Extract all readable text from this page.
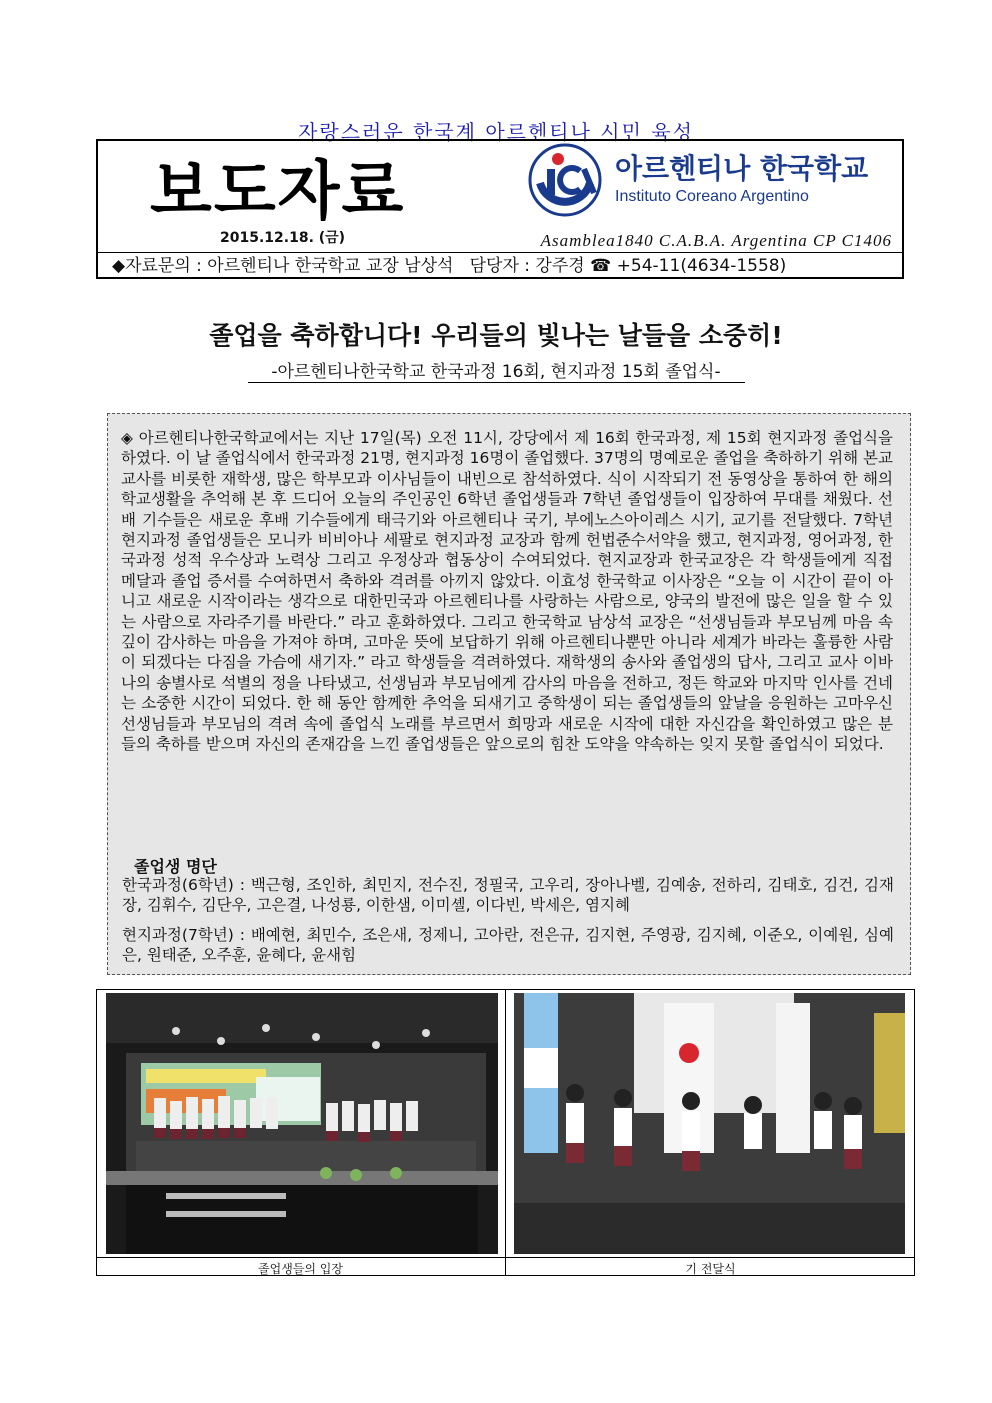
자랑스러운 한국계 아르헨티나 시민 육성
보도자료	아르헨티나 한국학교
Instituto Coreano Argentino
2015.12.18. (금)	Asamblea1840 C.A.B.A. Argentina CP C1406
◆자료문의 : 아르헨티나 한국학교 교장 남상석   담당자 : 강주경 ☎ +54-11(4634-1558)
졸업을 축하합니다! 우리들의 빛나는 날들을 소중히!
-아르헨티나한국학교 한국과정 16회, 현지과정 15회 졸업식-
◈ 아르헨티나한국학교에서는 지난 17일(목) 오전 11시, 강당에서 제 16회 한국과정, 제 15회 현지과정 졸업식을 하였다. 이 날 졸업식에서 한국과정 21명, 현지과정 16명이 졸업했다. 37명의 명예로운 졸업을 축하하기 위해 본교 교사를 비롯한 재학생, 많은 학부모과 이사님들이 내빈으로 참석하였다. 식이 시작되기 전 동영상을 통하여 한 해의 학교생활을 추억해 본 후 드디어 오늘의 주인공인 6학년 졸업생들과 7학년 졸업생들이 입장하여 무대를 채웠다. 선배 기수들은 새로운 후배 기수들에게 태극기와 아르헨티나 국기, 부에노스아이레스 시기, 교기를 전달했다. 7학년 현지과정 졸업생들은 모니카 비비아나 세팔로 현지과정 교장과 함께 헌법준수서약을 했고, 현지과정, 영어과정, 한국과정 성적 우수상과 노력상 그리고 우정상과 협동상이 수여되었다. 현지교장과 한국교장은 각 학생들에게 직접 메달과 졸업 증서를 수여하면서 축하와 격려를 아끼지 않았다. 이효성 한국학교 이사장은 “오늘 이 시간이 끝이 아니고 새로운 시작이라는 생각으로 대한민국과 아르헨티나를 사랑하는 사람으로, 양국의 발전에 많은 일을 할 수 있는 사람으로 자라주기를 바란다.” 라고 훈화하였다. 그리고 한국학교 남상석 교장은 “선생님들과 부모님께 마음 속 깊이 감사하는 마음을 가져야 하며, 고마운 뜻에 보답하기 위해 아르헨티나뿐만 아니라 세계가 바라는 훌륭한 사람이 되겠다는 다짐을 가슴에 새기자.” 라고 학생들을 격려하였다. 재학생의 송사와 졸업생의 답사, 그리고 교사 이바나의 송별사로 석별의 정을 나타냈고, 선생님과 부모님에게 감사의 마음을 전하고, 정든 학교와 마지막 인사를 건네는 소중한 시간이 되었다. 한 해 동안 함께한 추억을 되새기고 중학생이 되는 졸업생들의 앞날을 응원하는 고마우신 선생님들과 부모님의 격려 속에 졸업식 노래를 부르면서 희망과 새로운 시작에 대한 자신감을 확인하였고 많은 분들의 축하를 받으며 자신의 존재감을 느낀 졸업생들은 앞으로의 힘찬 도약을 약속하는 잊지 못할 졸업식이 되었다.
졸업생 명단
한국과정(6학년) : 백근형, 조인하, 최민지, 전수진, 정필국, 고우리, 장아나벨, 김예송, 전하리, 김태호, 김건, 김재장, 김휘수, 김단우, 고은결, 나성룡, 이한샘, 이미셸, 이다빈, 박세은, 염지혜
현지과정(7학년) : 배예현, 최민수, 조은새, 정제니, 고아란, 전은규, 김지현, 주영광, 김지혜, 이준오, 이예원, 심예은, 원태준, 오주훈, 윤혜다, 윤새힘
졸업생들의 입장	기 전달식
